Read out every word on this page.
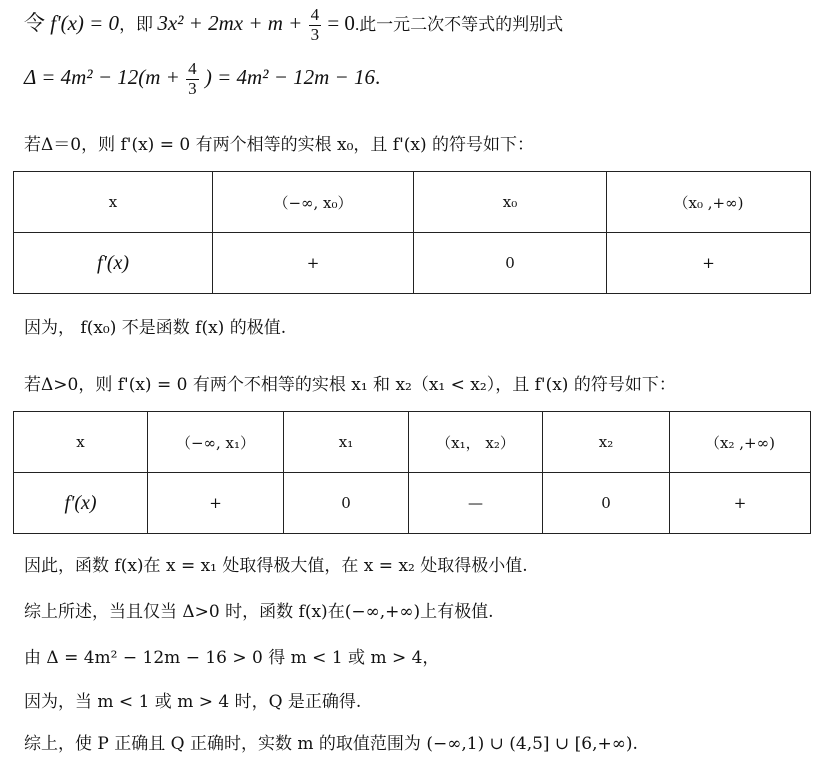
令 f'(x) = 0，即 $3x^2 + 2mx + m + \frac{4}{3} = 0$.此一元二次不等式的判别式
$\Delta = 4m^2 - 12(m + \frac{4}{3}$ ) = 4m² − 12m − 16.
若Δ＝0，则 f'(x) = 0 有两个相等的实根 x₀，且 f'(x) 的符号如下：
x	（−∞, x₀）	x₀	（x₀ ,+∞)
f'(x)	+	0	+
因为， f(x₀) 不是函数 f(x) 的极值.
若Δ>0，则 f'(x) = 0 有两个不相等的实根 x₁ 和 x₂（x₁ < x₂），且 f'(x) 的符号如下：
x	（−∞, x₁）	x₁	（x₁， x₂）	x₂	（x₂ ,+∞)
f'(x)	+	0	—	0	+
因此，函数 f(x)在 x = x₁ 处取得极大值，在 x = x₂ 处取得极小值.
综上所述，当且仅当 Δ>0 时，函数 f(x)在(−∞,+∞)上有极值.
由 Δ = 4m² − 12m − 16 > 0 得 m < 1 或 m > 4，
因为，当 m < 1 或 m > 4 时，Q 是正确得.
综上，使 P 正确且 Q 正确时，实数 m 的取值范围为 (−∞,1) ∪ (4,5] ∪ [6,+∞).
